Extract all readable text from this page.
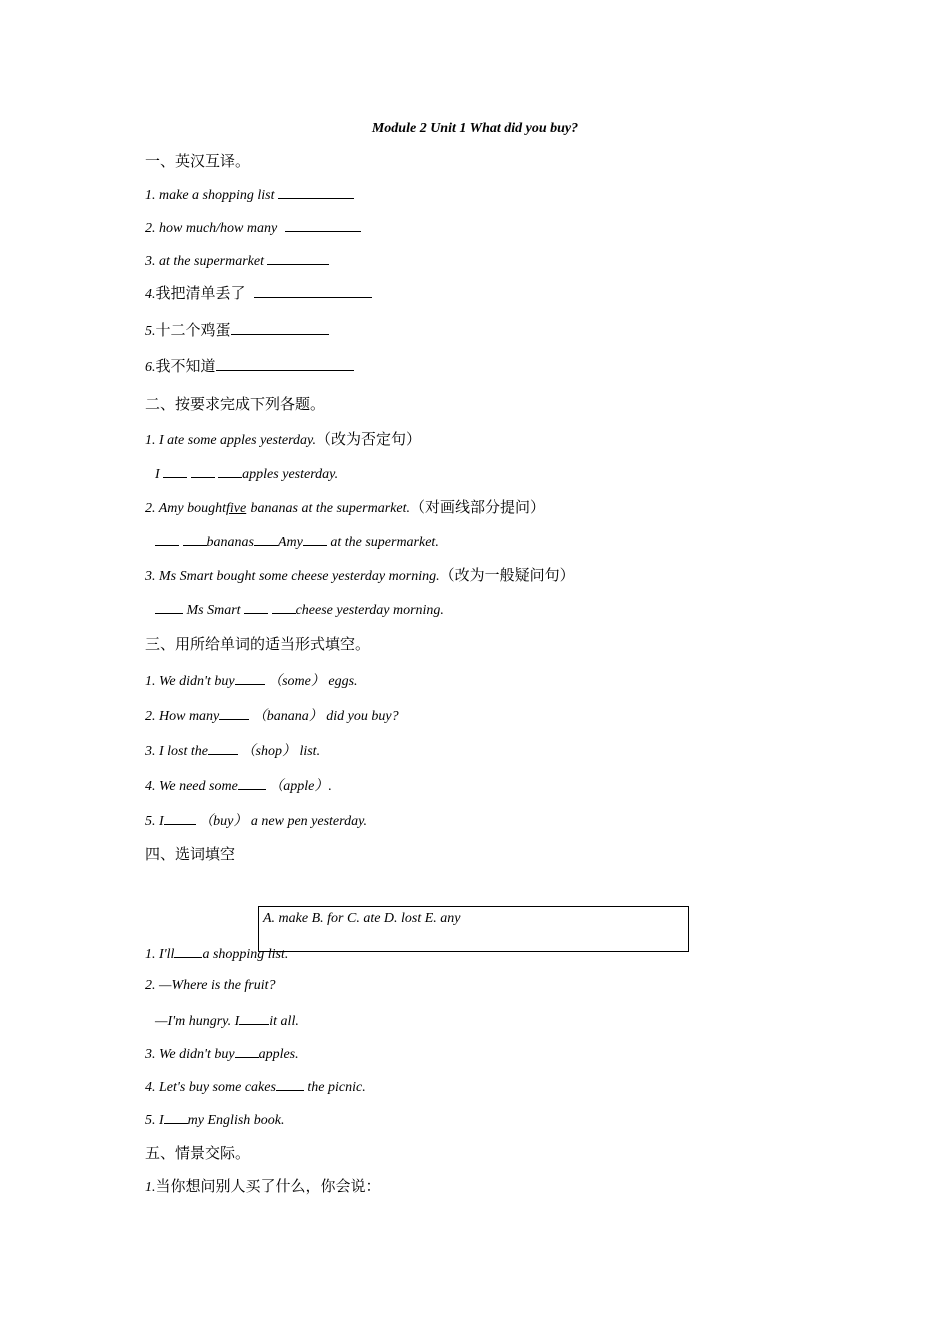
Module 2 Unit 1 What did you buy?
一、英汉互译。
1. make a shopping list
2. how much/how many
3. at the supermarket
4.我把清单丢了
5.十二个鸡蛋
6.我不知道
二、按要求完成下列各题。
1. I ate some apples yesterday.（改为否定句）
I	apples yesterday.
2. Amy boughtfive bananas at the supermarket.（对画线部分提问）
bananas Amy at the supermarket.
3. Ms Smart bought some cheese yesterday morning.（改为一般疑问句）
Ms Smart	cheese yesterday morning.
三、用所给单词的适当形式填空。
1. We didn't buy （some） eggs.
2. How many （banana） did you buy?
3. I lost the （shop） list.
4. We need some （apple）.
5. I	（buy） a new pen yesterday.
四、选词填空
1. I'll a shopping list.
A. make B. for C. ate D. lost E. any
2. —Where is the fruit?
—I'm hungry. I it all.
3. We didn't buy apples.
4. Let's buy some cakes the picnic.
5. I my English book.
五、情景交际。
1.当你想问别人买了什么，你会说：
